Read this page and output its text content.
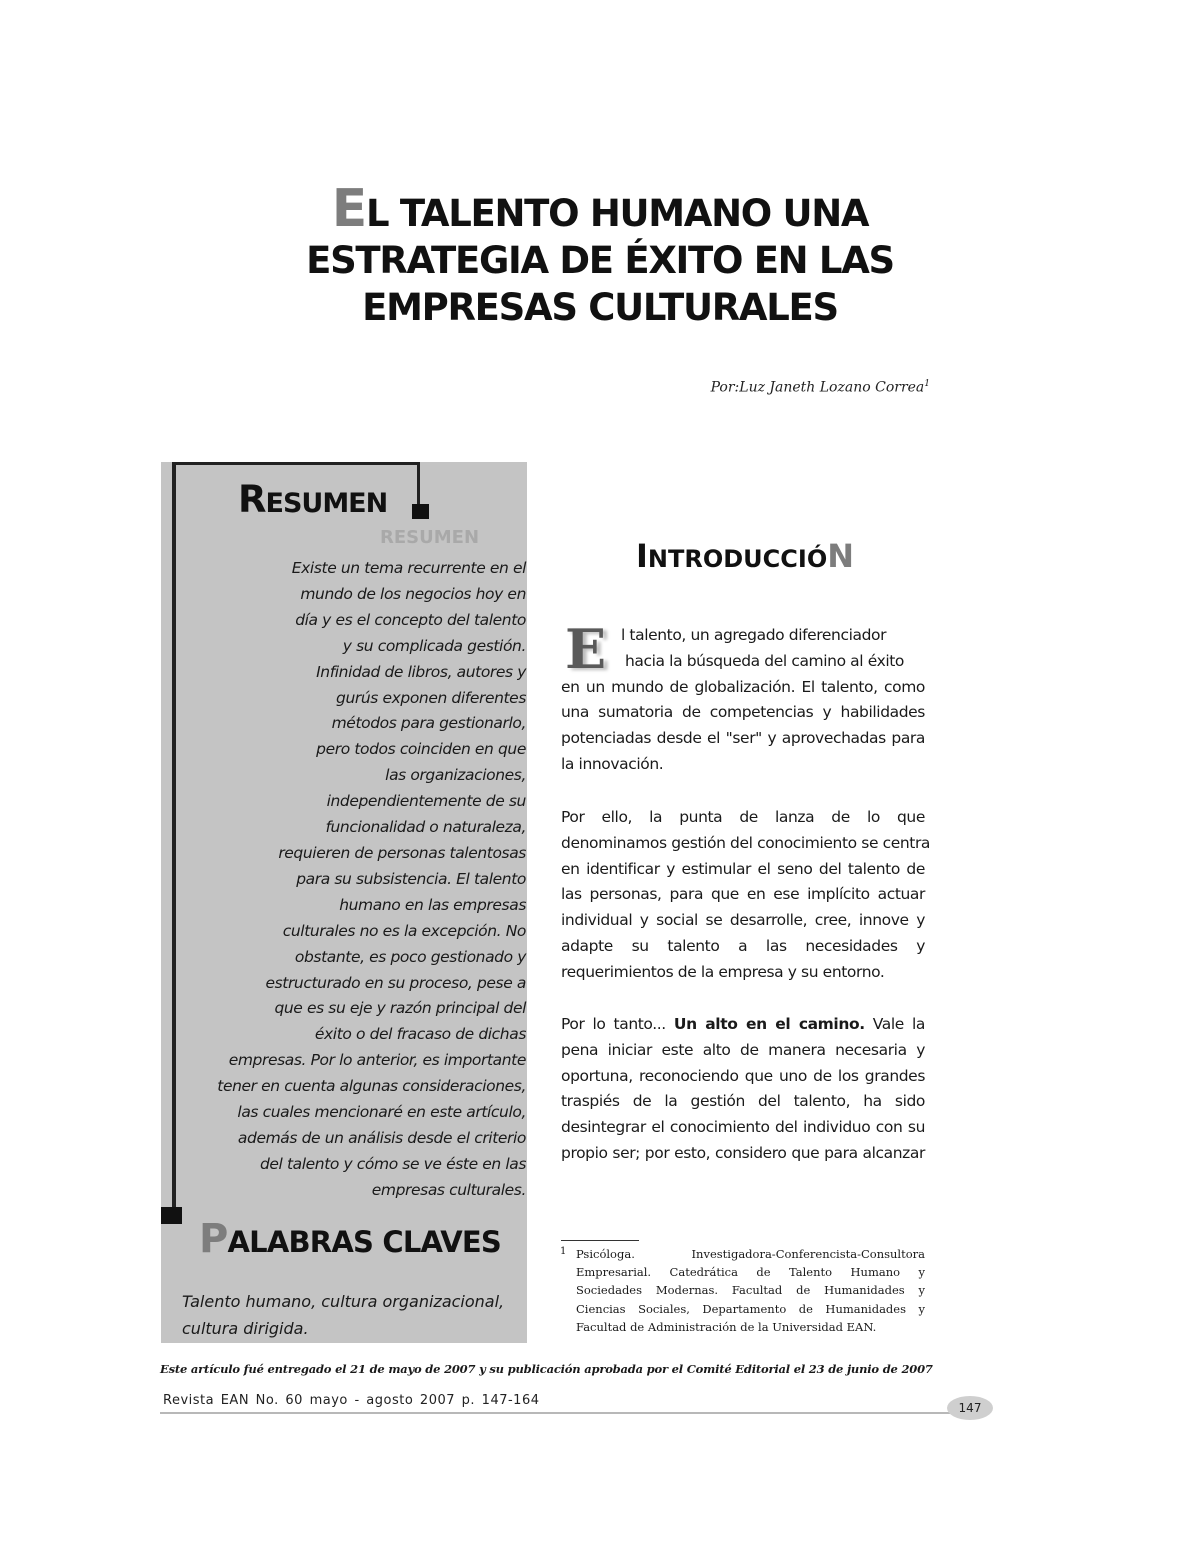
EL TALENTO HUMANO UNA
ESTRATEGIA DE ÉXITO EN LAS
EMPRESAS CULTURALES
Por:Luz Janeth Lozano Correa$^1$
RESUMEN
RESUMEN
Existe un tema recurrente en el
mundo de los negocios hoy en
día y es el concepto del talento
y su complicada gestión.
Infinidad de libros, autores y
gurús exponen diferentes
métodos para gestionarlo,
pero todos coinciden en que
las organizaciones,
independientemente de su
funcionalidad o naturaleza,
requieren de personas talentosas
para su subsistencia. El talento
humano en las empresas
culturales no es la excepción. No
obstante, es poco gestionado y
estructurado en su proceso, pese a
que es su eje y razón principal del
éxito o del fracaso de dichas
empresas. Por lo anterior, es importante
tener en cuenta algunas consideraciones,
las cuales mencionaré en este artículo,
además de un análisis desde el criterio
del talento y cómo se ve éste en las
empresas culturales.
PALABRAS CLAVES
Talento humano, cultura organizacional,
cultura dirigida.
INTRODUCCIÓN
E l talento, un agregado diferenciador
hacia la búsqueda del camino al éxito
en un mundo de globalización. El talento, como
una sumatoria de competencias y habilidades
potenciadas desde el "ser" y aprovechadas para
la innovación.
Por ello, la punta de lanza de lo que
denominamos gestión del conocimiento se centra
en identificar y estimular el seno del talento de
las personas, para que en ese implícito actuar
individual y social se desarrolle, cree, innove y
adapte su talento a las necesidades y
requerimientos de la empresa y su entorno.
Por lo tanto... Un alto en el camino. Vale la
pena iniciar este alto de manera necesaria y
oportuna, reconociendo que uno de los grandes
traspiés de la gestión del talento, ha sido
desintegrar el conocimiento del individuo con su
propio ser; por esto, considero que para alcanzar
1 Psicóloga. Investigadora-Conferencista-Consultora
Empresarial. Catedrática de Talento Humano y
Sociedades Modernas. Facultad de Humanidades y
Ciencias Sociales, Departamento de Humanidades y
Facultad de Administración de la Universidad EAN.
Este artículo fué entregado el 21 de mayo de 2007 y su publicación aprobada por el Comité Editorial el 23 de junio de 2007
Revista EAN No. 60 mayo - agosto 2007 p. 147-164	147
